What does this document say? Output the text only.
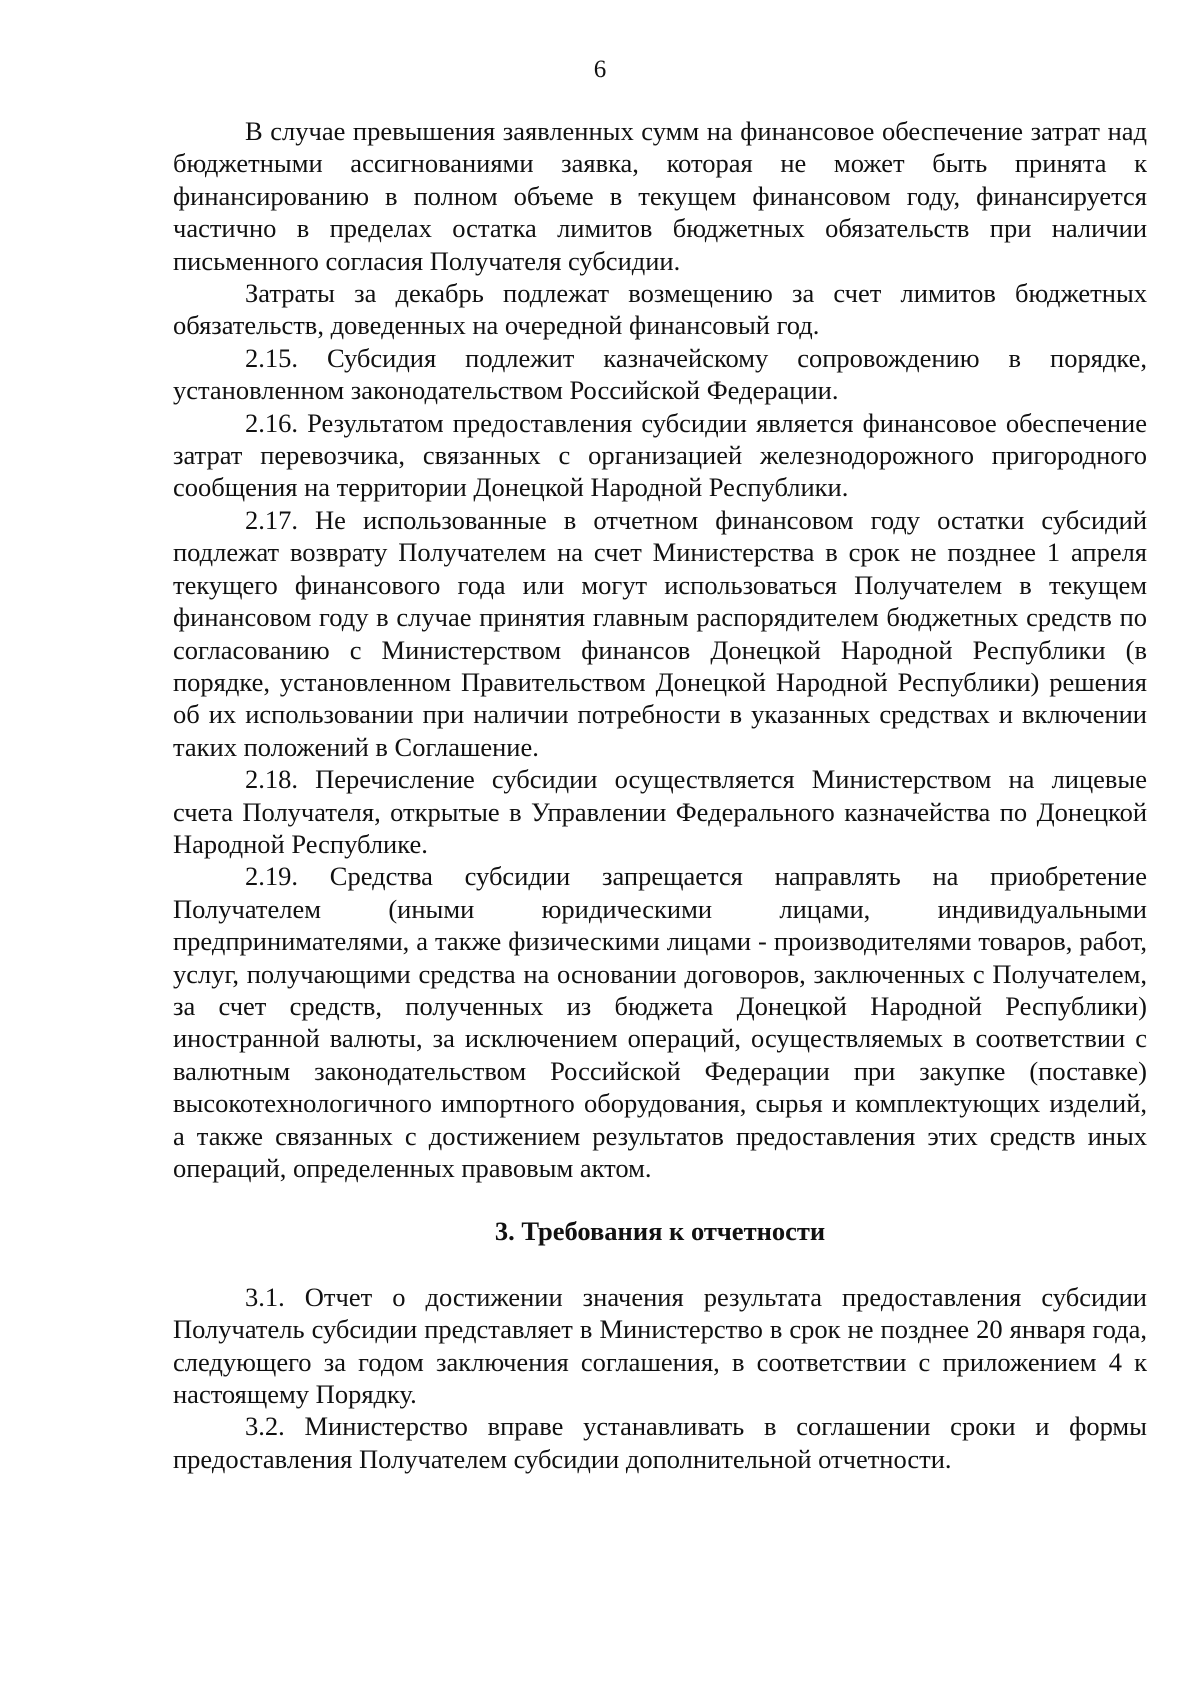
6

В случае превышения заявленных сумм на финансовое обеспечение затрат над бюджетными ассигнованиями заявка, которая не может быть принята к финансированию в полном объеме в текущем финансовом году, финансируется частично в пределах остатка лимитов бюджетных обязательств при наличии письменного согласия Получателя субсидии.

Затраты за декабрь подлежат возмещению за счет лимитов бюджетных обязательств, доведенных на очередной финансовый год.

2.15. Субсидия подлежит казначейскому сопровождению в порядке, установленном законодательством Российской Федерации.

2.16. Результатом предоставления субсидии является финансовое обеспечение затрат перевозчика, связанных с организацией железнодорожного пригородного сообщения на территории Донецкой Народной Республики.

2.17. Не использованные в отчетном финансовом году остатки субсидий подлежат возврату Получателем на счет Министерства в срок не позднее 1 апреля текущего финансового года или могут использоваться Получателем в текущем финансовом году в случае принятия главным распорядителем бюджетных средств по согласованию с Министерством финансов Донецкой Народной Республики (в порядке, установленном Правительством Донецкой Народной Республики) решения об их использовании при наличии потребности в указанных средствах и включении таких положений в Соглашение.

2.18. Перечисление субсидии осуществляется Министерством на лицевые счета Получателя, открытые в Управлении Федерального казначейства по Донецкой Народной Республике.

2.19. Средства субсидии запрещается направлять на приобретение Получателем (иными юридическими лицами, индивидуальными предпринимателями, а также физическими лицами - производителями товаров, работ, услуг, получающими средства на основании договоров, заключенных с Получателем, за счет средств, полученных из бюджета Донецкой Народной Республики) иностранной валюты, за исключением операций, осуществляемых в соответствии с валютным законодательством Российской Федерации при закупке (поставке) высокотехнологичного импортного оборудования, сырья и комплектующих изделий, а также связанных с достижением результатов предоставления этих средств иных операций, определенных правовым актом.

3. Требования к отчетности

3.1. Отчет о достижении значения результата предоставления субсидии Получатель субсидии представляет в Министерство в срок не позднее 20 января года, следующего за годом заключения соглашения, в соответствии с приложением 4 к настоящему Порядку.

3.2. Министерство вправе устанавливать в соглашении сроки и формы предоставления Получателем субсидии дополнительной отчетности.
